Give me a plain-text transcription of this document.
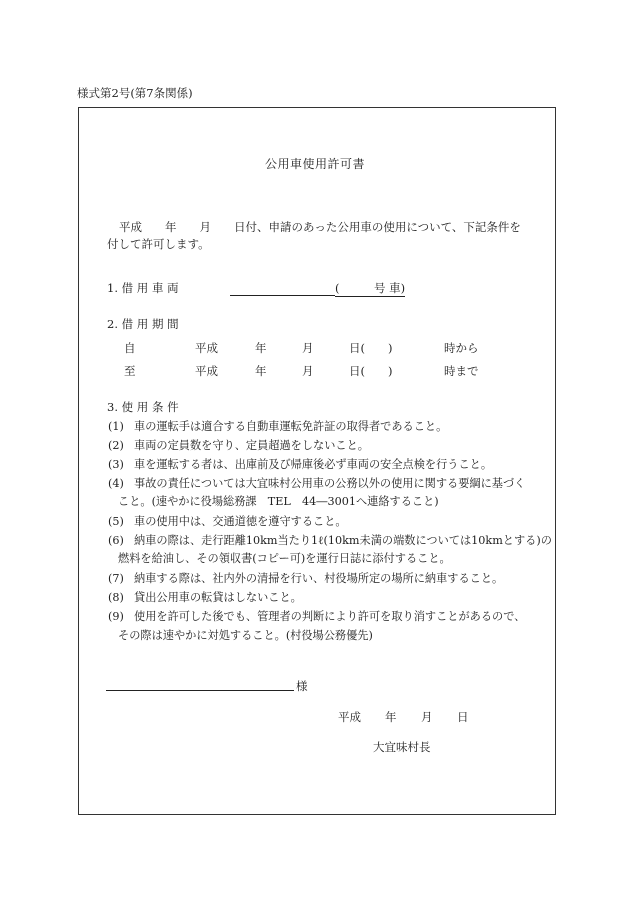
様式第2号(第7条関係)
公用車使用許可書
平成　　年　　月　　日付、申請のあった公用車の使用について、下記条件を
付して許可します。
1. 借 用 車 両	(　　　号 車)
2. 借 用 期 間
自	平成	年	月	日(　　)	時から
至	平成	年	月	日(　　)	時まで
3. 使 用 条 件
(1) 車の運転手は適合する自動車運転免許証の取得者であること。
(2) 車両の定員数を守り、定員超過をしないこと。
(3) 車を運転する者は、出庫前及び帰庫後必ず車両の安全点検を行うこと。
(4) 事故の責任については大宜味村公用車の公務以外の使用に関する要綱に基づく
こと。(速やかに役場総務課　TEL　44―3001へ連絡すること)
(5) 車の使用中は、交通道徳を遵守すること。
(6) 納車の際は、走行距離10km当たり1ℓ(10km未満の端数については10kmとする)の
燃料を給油し、その領収書(コピー可)を運行日誌に添付すること。
(7) 納車する際は、社内外の清掃を行い、村役場所定の場所に納車すること。
(8) 貸出公用車の転貸はしないこと。
(9) 使用を許可した後でも、管理者の判断により許可を取り消すことがあるので、
その際は速やかに対処すること。(村役場公務優先)
様
平成 年 月 日
大宜味村長
